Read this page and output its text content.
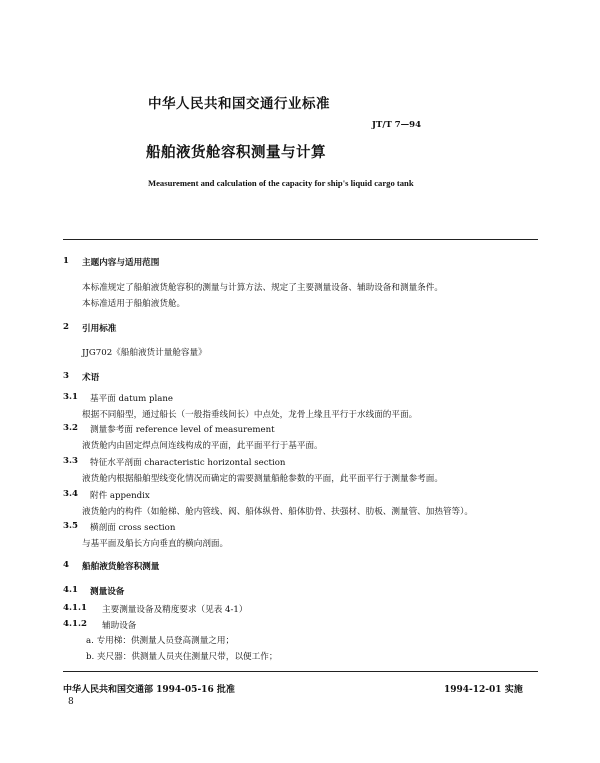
中华人民共和国交通行业标准
JT/T 7—94
船舶液货舱容积测量与计算
Measurement and calculation of the capacity for ship's liquid cargo tank
1 主题内容与适用范围
本标准规定了船舶液货舱容积的测量与计算方法、规定了主要测量设备、辅助设备和测量条件。
本标准适用于船舶液货舱。
2 引用标准
JJG702《船舶液货计量舱容量》
3 术语
3.1 基平面 datum plane
根据不同船型，通过船长（一般指垂线间长）中点处，龙骨上缘且平行于水线面的平面。
3.2 测量参考面 reference level of measurement
液货舱内由固定焊点间连线构成的平面，此平面平行于基平面。
3.3 特征水平剖面 characteristic horizontal section
液货舱内根据船舶型线变化情况而确定的需要测量船舱参数的平面，此平面平行于测量参考面。
3.4 附件 appendix
液货舱内的构件（如舱梯、舱内管线、阀、船体纵骨、船体肋骨、扶强材、肋板、测量管、加热管等）。
3.5 横剖面 cross section
与基平面及船长方向垂直的横向剖面。
4 船舶液货舱容积测量
4.1 测量设备
4.1.1 主要测量设备及精度要求（见表 4-1）
4.1.2 辅助设备
a. 专用梯：供测量人员登高测量之用；
b. 夹尺器：供测量人员夹住测量尺带，以便工作；
中华人民共和国交通部 1994-05-16 批准	1994-12-01 实施
8
